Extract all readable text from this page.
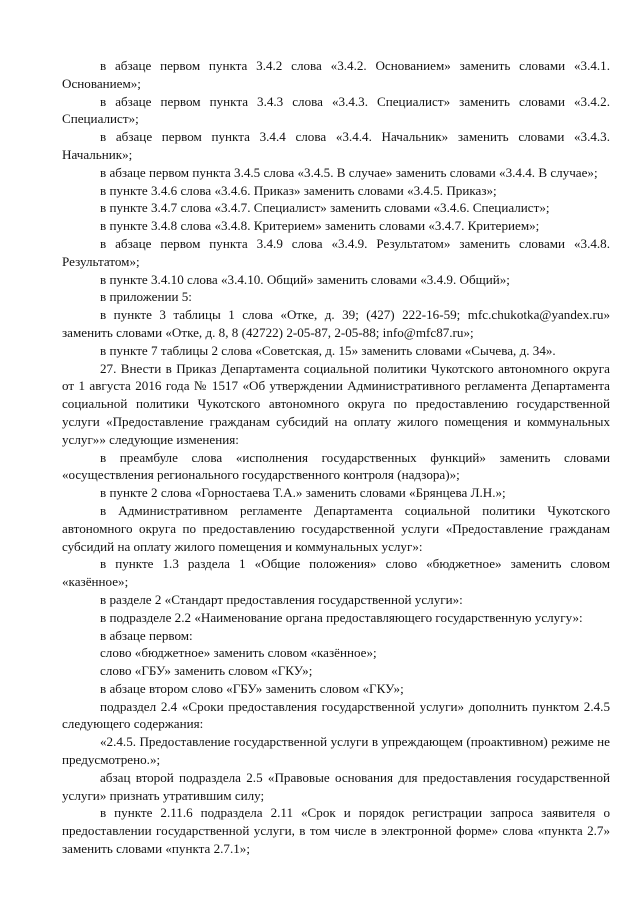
в абзаце первом пункта 3.4.2 слова «3.4.2. Основанием» заменить словами «3.4.1. Основанием»;

в абзаце первом пункта 3.4.3 слова «3.4.3. Специалист» заменить словами «3.4.2. Специалист»;

в абзаце первом пункта 3.4.4 слова «3.4.4. Начальник» заменить словами «3.4.3. Начальник»;

в абзаце первом пункта 3.4.5 слова «3.4.5. В случае» заменить словами «3.4.4. В случае»;

в пункте 3.4.6 слова «3.4.6. Приказ» заменить словами «3.4.5. Приказ»;

в пункте 3.4.7 слова «3.4.7. Специалист» заменить словами «3.4.6. Специалист»;

в пункте 3.4.8 слова «3.4.8. Критерием» заменить словами «3.4.7. Критерием»;

в абзаце первом пункта 3.4.9 слова «3.4.9. Результатом» заменить словами «3.4.8. Результатом»;

в пункте 3.4.10 слова «3.4.10. Общий» заменить словами «3.4.9. Общий»;

в приложении 5:

в пункте 3 таблицы 1 слова «Отке, д. 39; (427) 222-16-59; mfc.chukotka@yandex.ru» заменить словами «Отке, д. 8, 8 (42722) 2-05-87, 2-05-88; info@mfc87.ru»;

в пункте 7 таблицы 2 слова «Советская, д. 15» заменить словами «Сычева, д. 34».

27. Внести в Приказ Департамента социальной политики Чукотского автономного округа от 1 августа 2016 года № 1517 «Об утверждении Административного регламента Департамента социальной политики Чукотского автономного округа по предоставлению государственной услуги «Предоставление гражданам субсидий на оплату жилого помещения и коммунальных услуг»» следующие изменения:

в преамбуле слова «исполнения государственных функций» заменить словами «осуществления регионального государственного контроля (надзора)»;

в пункте 2 слова «Горностаева Т.А.» заменить словами «Брянцева Л.Н.»;

в Административном регламенте Департамента социальной политики Чукотского автономного округа по предоставлению государственной услуги «Предоставление гражданам субсидий на оплату жилого помещения и коммунальных услуг»:

в пункте 1.3 раздела 1 «Общие положения» слово «бюджетное» заменить словом «казённое»;

в разделе 2 «Стандарт предоставления государственной услуги»:

в подразделе 2.2 «Наименование органа предоставляющего государственную услугу»:

в абзаце первом:

слово «бюджетное» заменить словом «казённое»;

слово «ГБУ» заменить словом «ГКУ»;

в абзаце втором слово «ГБУ» заменить словом «ГКУ»;

подраздел 2.4 «Сроки предоставления государственной услуги» дополнить пунктом 2.4.5 следующего содержания:

«2.4.5. Предоставление государственной услуги в упреждающем (проактивном) режиме не предусмотрено.»;

абзац второй подраздела 2.5 «Правовые основания для предоставления государственной услуги» признать утратившим силу;

в пункте 2.11.6 подраздела 2.11 «Срок и порядок регистрации запроса заявителя о предоставлении государственной услуги, в том числе в электронной форме» слова «пункта 2.7» заменить словами «пункта 2.7.1»;
